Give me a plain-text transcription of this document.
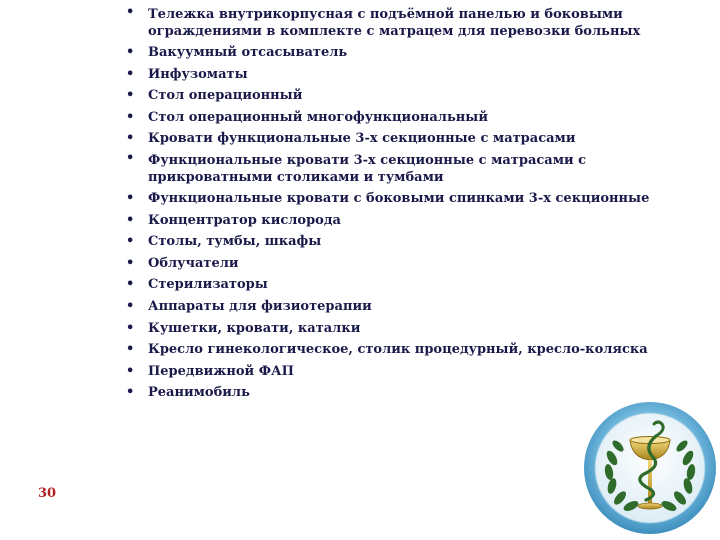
• Тележка внутрикорпусная с подъёмной панелью и боковыми ограждениями в комплекте с матрацем для перевозки больных
• Вакуумный отсасыватель
• Инфузоматы
• Стол операционный
• Стол операционный многофункциональный
• Кровати функциональные 3-х секционные с матрасами
• Функциональные кровати 3-х секционные с матрасами с прикроватными столиками и тумбами
• Функциональные кровати с боковыми спинками 3-х секционные
• Концентратор кислорода
• Столы, тумбы, шкафы
• Облучатели
• Стерилизаторы
• Аппараты для физиотерапии
• Кушетки, кровати, каталки
• Кресло гинекологическое, столик процедурный, кресло-коляска
• Передвижной ФАП
• Реанимобиль
30
